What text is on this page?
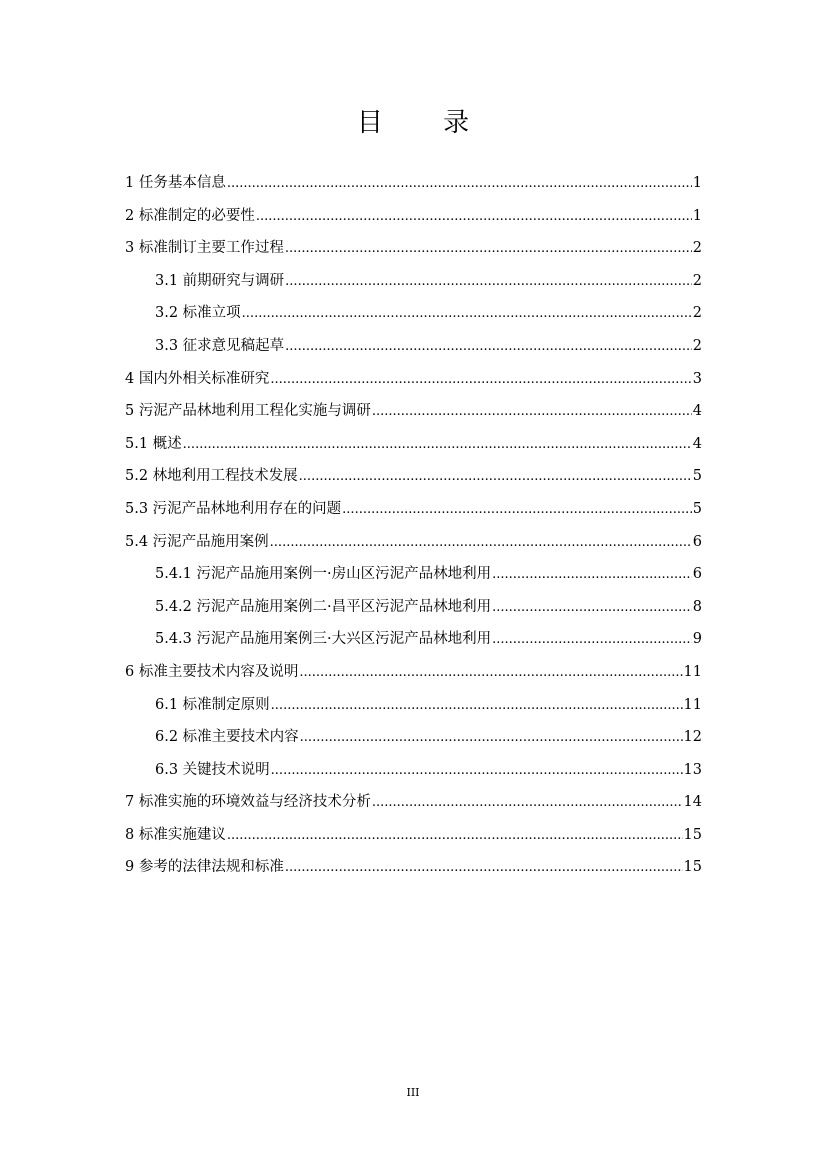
目 录
1 任务基本信息 .....	1
2 标准制定的必要性 .....	1
3 标准制订主要工作过程 .....	2
3.1 前期研究与调研 .....	2
3.2 标准立项 .....	2
3.3 征求意见稿起草 .....	2
4 国内外相关标准研究 .....	3
5 污泥产品林地利用工程化实施与调研 .....	4
5.1 概述 .....	4
5.2 林地利用工程技术发展 .....	5
5.3 污泥产品林地利用存在的问题 .....	5
5.4 污泥产品施用案例 .....	6
5.4.1 污泥产品施用案例一·房山区污泥产品林地利用 .....	6
5.4.2 污泥产品施用案例二·昌平区污泥产品林地利用 .....	8
5.4.3 污泥产品施用案例三·大兴区污泥产品林地利用 .....	9
6 标准主要技术内容及说明 .....	11
6.1 标准制定原则 .....	11
6.2 标准主要技术内容 .....	12
6.3 关键技术说明 .....	13
7 标准实施的环境效益与经济技术分析 .....	14
8 标准实施建议 .....	15
9 参考的法律法规和标准 .....	15
III
